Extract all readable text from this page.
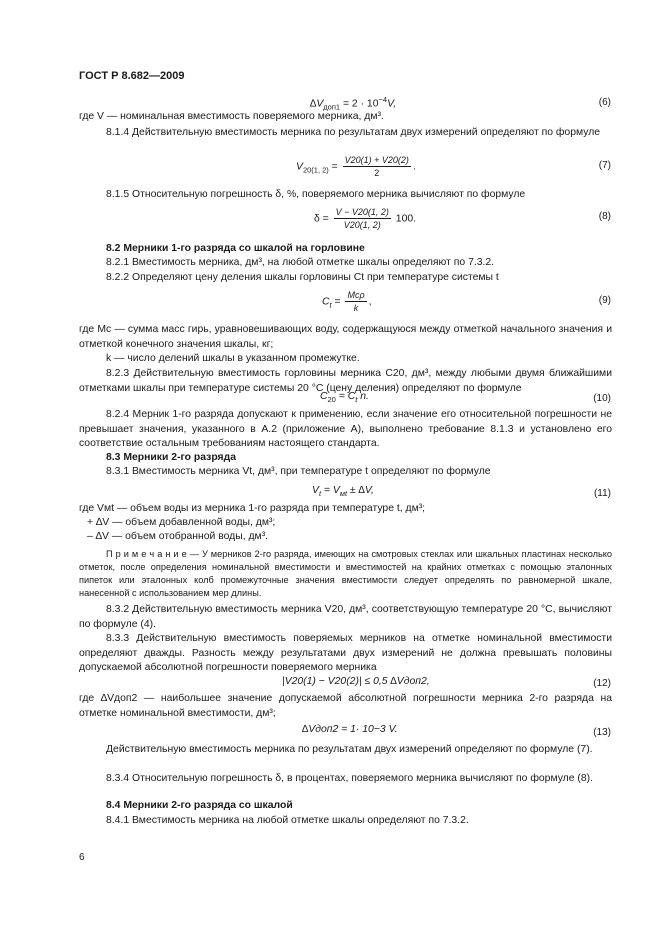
ГОСТ Р 8.682—2009
$\Delta V_{доп1} = 2 \cdot 10^{-4}V$,	(6)
где V — номинальная вместимость поверяемого мерника, дм³.
8.1.4 Действительную вместимость мерника по результатам двух измерений определяют по формуле
$V_{20(1, 2)} = \frac{V20(1) + V20(2)}{2}$ .	(7)
8.1.5 Относительную погрешность δ, %, поверяемого мерника вычисляют по формуле
$\delta = \frac{V - V20(1, 2)}{V20(1, 2)} 100$.	(8)
8.2 Мерники 1-го разряда со шкалой на горловине
8.2.1 Вместимость мерника, дм³, на любой отметке шкалы определяют по 7.3.2.
8.2.2 Определяют цену деления шкалы горловины Ct при температуре системы t
$C_t = \frac{\text{Mcρ}}{k}$ ,	(9)
где Mc — сумма масс гирь, уравновешивающих воду, содержащуюся между отметкой начального значения и отметкой конечного значения шкалы, кг;
k — число делений шкалы в указанном промежутке.
8.2.3 Действительную вместимость горловины мерника C20, дм³, между любыми двумя ближайшими отметками шкалы при температуре системы 20 °С (цену деления) определяют по формуле
$C_{20} = C_t$ n.	(10)
8.2.4 Мерник 1-го разряда допускают к применению, если значение его относительной погрешности не превышает значения, указанного в А.2 (приложение А), выполнено требование 8.1.3 и установлено его соответствие остальным требованиям настоящего стандарта.
8.3 Мерники 2-го разряда
8.3.1 Вместимость мерника Vt, дм³, при температуре t определяют по формуле
$V_t = V_{мt} \pm \Delta V$,	(11)
где Vмt — объем воды из мерника 1-го разряда при температуре t, дм³;
+ ∆V — объем добавленной воды, дм³;
– ∆V — объем отобранной воды, дм³.
П р и м е ч а н и е — У мерников 2-го разряда, имеющих на смотровых стеклах или шкальных пластинах несколько отметок, после определения номинальной вместимости и вместимостей на крайних отметках с помощью эталонных пипеток или эталонных колб промежуточные значения вместимости следует определять по равномерной шкале, нанесенной с использованием мер длины.
8.3.2 Действительную вместимость мерника V20, дм³, соответствующую температуре 20 °С, вычисляют по формуле (4).
8.3.3 Действительную вместимость поверяемых мерников на отметке номинальной вместимости определяют дважды. Разность между результатами двух измерений не должна превышать половины допускаемой абсолютной погрешности поверяемого мерника
|V20(1) − V20(2)| ≤ 0,5 ∆Vдоп2,	(12)
где ∆Vдоп2 — наибольшее значение допускаемой абсолютной погрешности мерника 2-го разряда на отметке номинальной вместимости, дм³;
∆Vдоп2 = 1· 10−3 V.	(13)
Действительную вместимость мерника по результатам двух измерений определяют по формуле (7).
8.3.4 Относительную погрешность δ, в процентах, поверяемого мерника вычисляют по формуле (8).
8.4 Мерники 2-го разряда со шкалой
8.4.1 Вместимость мерника на любой отметке шкалы определяют по 7.3.2.
6
